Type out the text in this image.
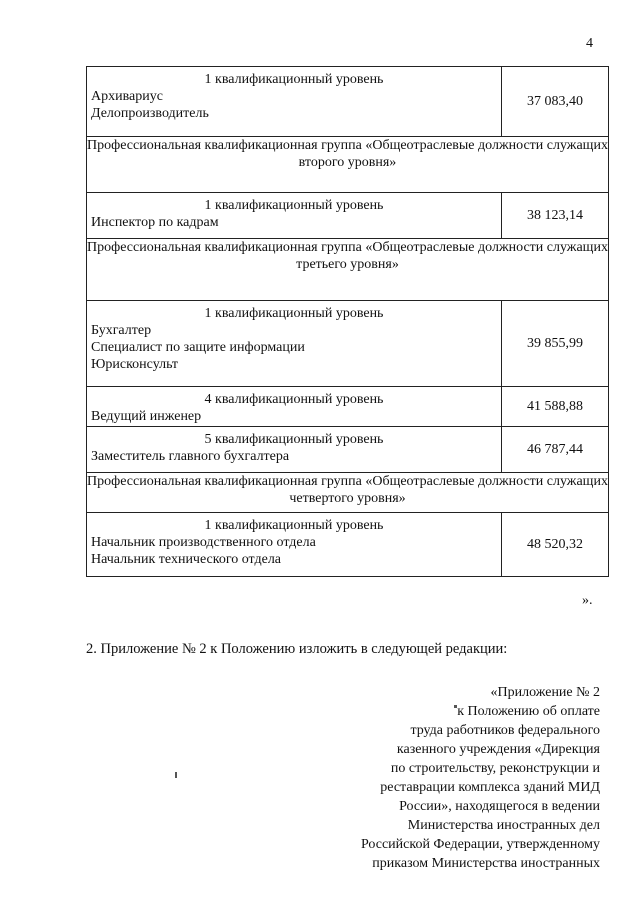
4
1 квалификационный уровень
Архивариус
Делопроизводитель	37 083,40
Профессиональная квалификационная группа «Общеотраслевые должности служащих второго уровня»	

1 квалификационный уровень
Инспектор по кадрам	38 123,14
Профессиональная квалификационная группа «Общеотраслевые должности служащих третьего уровня»	

1 квалификационный уровень
Бухгалтер
Специалист по защите информации
Юрисконсульт	39 855,99

4 квалификационный уровень
Ведущий инженер	41 588,88

5 квалификационный уровень
Заместитель главного бухгалтера	46 787,44
Профессиональная квалификационная группа «Общеотраслевые должности служащих четвертого уровня»	

1 квалификационный уровень
Начальник производственного отдела
Начальник технического отдела	48 520,32
».
2. Приложение № 2 к Положению изложить в следующей редакции:
«Приложение № 2
к Положению об оплате
труда работников федерального
казенного учреждения «Дирекция
по строительству, реконструкции и
реставрации комплекса зданий МИД
России», находящегося в ведении
Министерства иностранных дел
Российской Федерации, утвержденному
приказом Министерства иностранных
